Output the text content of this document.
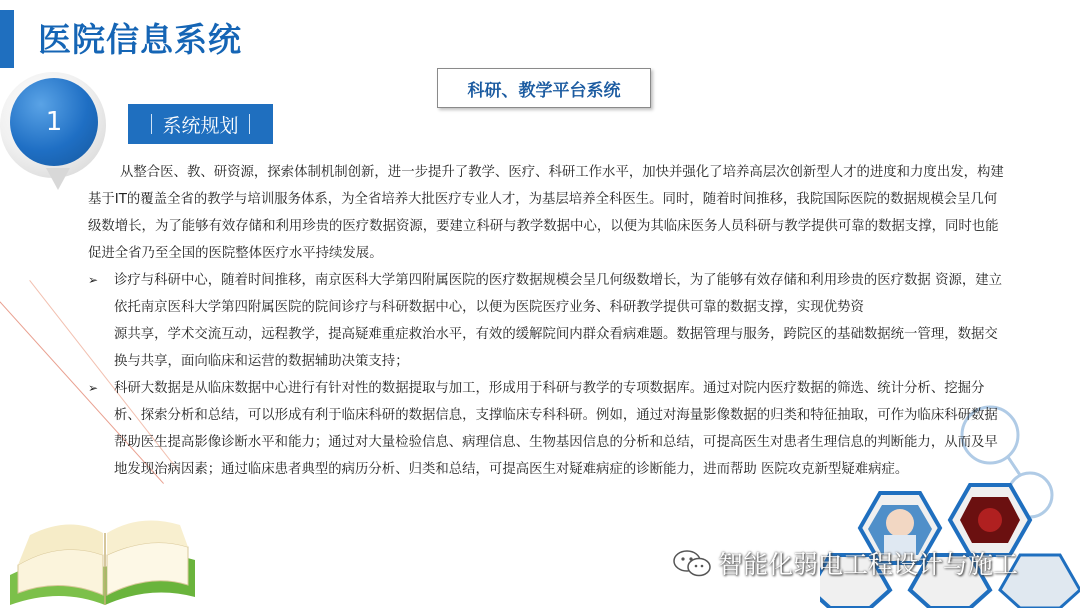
医院信息系统
科研、教学平台系统
1	系统规划

从整合医、教、研资源，探索体制机制创新，进一步提升了教学、医疗、科研工作水平，加快并强化了培养高层次创新型人才的进度和力度出发，构建基于IT的覆盖全省的教学与培训服务体系，为全省培养大批医疗专业人才，为基层培养全科医生。同时，随着时间推移，我院国际医院的数据规模会呈几何级数增长，为了能够有效存储和利用珍贵的医疗数据资源，要建立科研与教学数据中心，以便为其临床医务人员科研与教学提供可靠的数据支撑，同时也能促进全省乃至全国的医院整体医疗水平持续发展。

➢ 诊疗与科研中心，随着时间推移，南京医科大学第四附属医院的医疗数据规模会呈几何级数增长，为了能够有效存储和利用珍贵的医疗数据 资源，建立依托南京医科大学第四附属医院的院间诊疗与科研数据中心，以便为医院医疗业务、科研教学提供可靠的数据支撑，实现优势资

源共享，学术交流互动，远程教学，提高疑难重症救治水平，有效的缓解院间内群众看病难题。数据管理与服务，跨院区的基础数据统一管理，数据交换与共享，面向临床和运营的数据辅助决策支持；

➢ 科研大数据是从临床数据中心进行有针对性的数据提取与加工，形成用于科研与教学的专项数据库。通过对院内医疗数据的筛选、统计分析、挖掘分析、探索分析和总结，可以形成有利于临床科研的数据信息，支撑临床专科科研。例如，通过对海量影像数据的归类和特征抽取，可作为临床科研数据帮助医生提高影像诊断水平和能力；通过对大量检验信息、病理信息、生物基因信息的分析和总结，可提高医生对患者生理信息的判断能力，从而及早地发现治病因素；通过临床患者典型的病历分析、归类和总结，可提高医生对疑难病症的诊断能力，进而帮助 医院攻克新型疑难病症。
智能化弱电工程设计与施工
